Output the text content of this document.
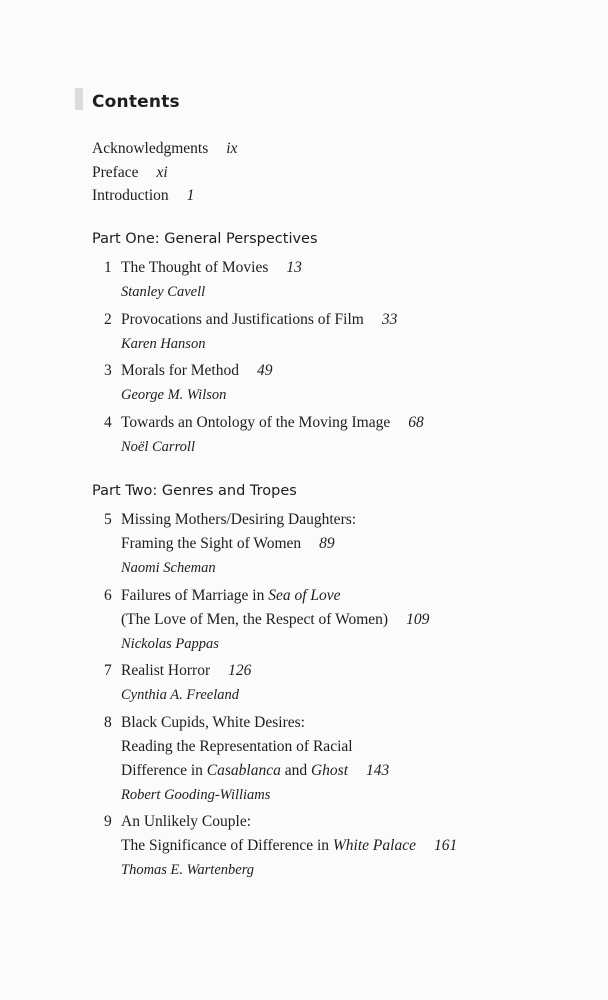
Contents
Acknowledgments ix
Preface xi
Introduction 1
Part One: General Perspectives
1 The Thought of Movies 13
Stanley Cavell
2 Provocations and Justifications of Film 33
Karen Hanson
3 Morals for Method 49
George M. Wilson
4 Towards an Ontology of the Moving Image 68
Noël Carroll
Part Two: Genres and Tropes
5 Missing Mothers/Desiring Daughters:
Framing the Sight of Women 89
Naomi Scheman
6 Failures of Marriage in Sea of Love
(The Love of Men, the Respect of Women) 109
Nickolas Pappas
7 Realist Horror 126
Cynthia A. Freeland
8 Black Cupids, White Desires:
Reading the Representation of Racial
Difference in Casablanca and Ghost 143
Robert Gooding-Williams
9 An Unlikely Couple:
The Significance of Difference in White Palace 161
Thomas E. Wartenberg
